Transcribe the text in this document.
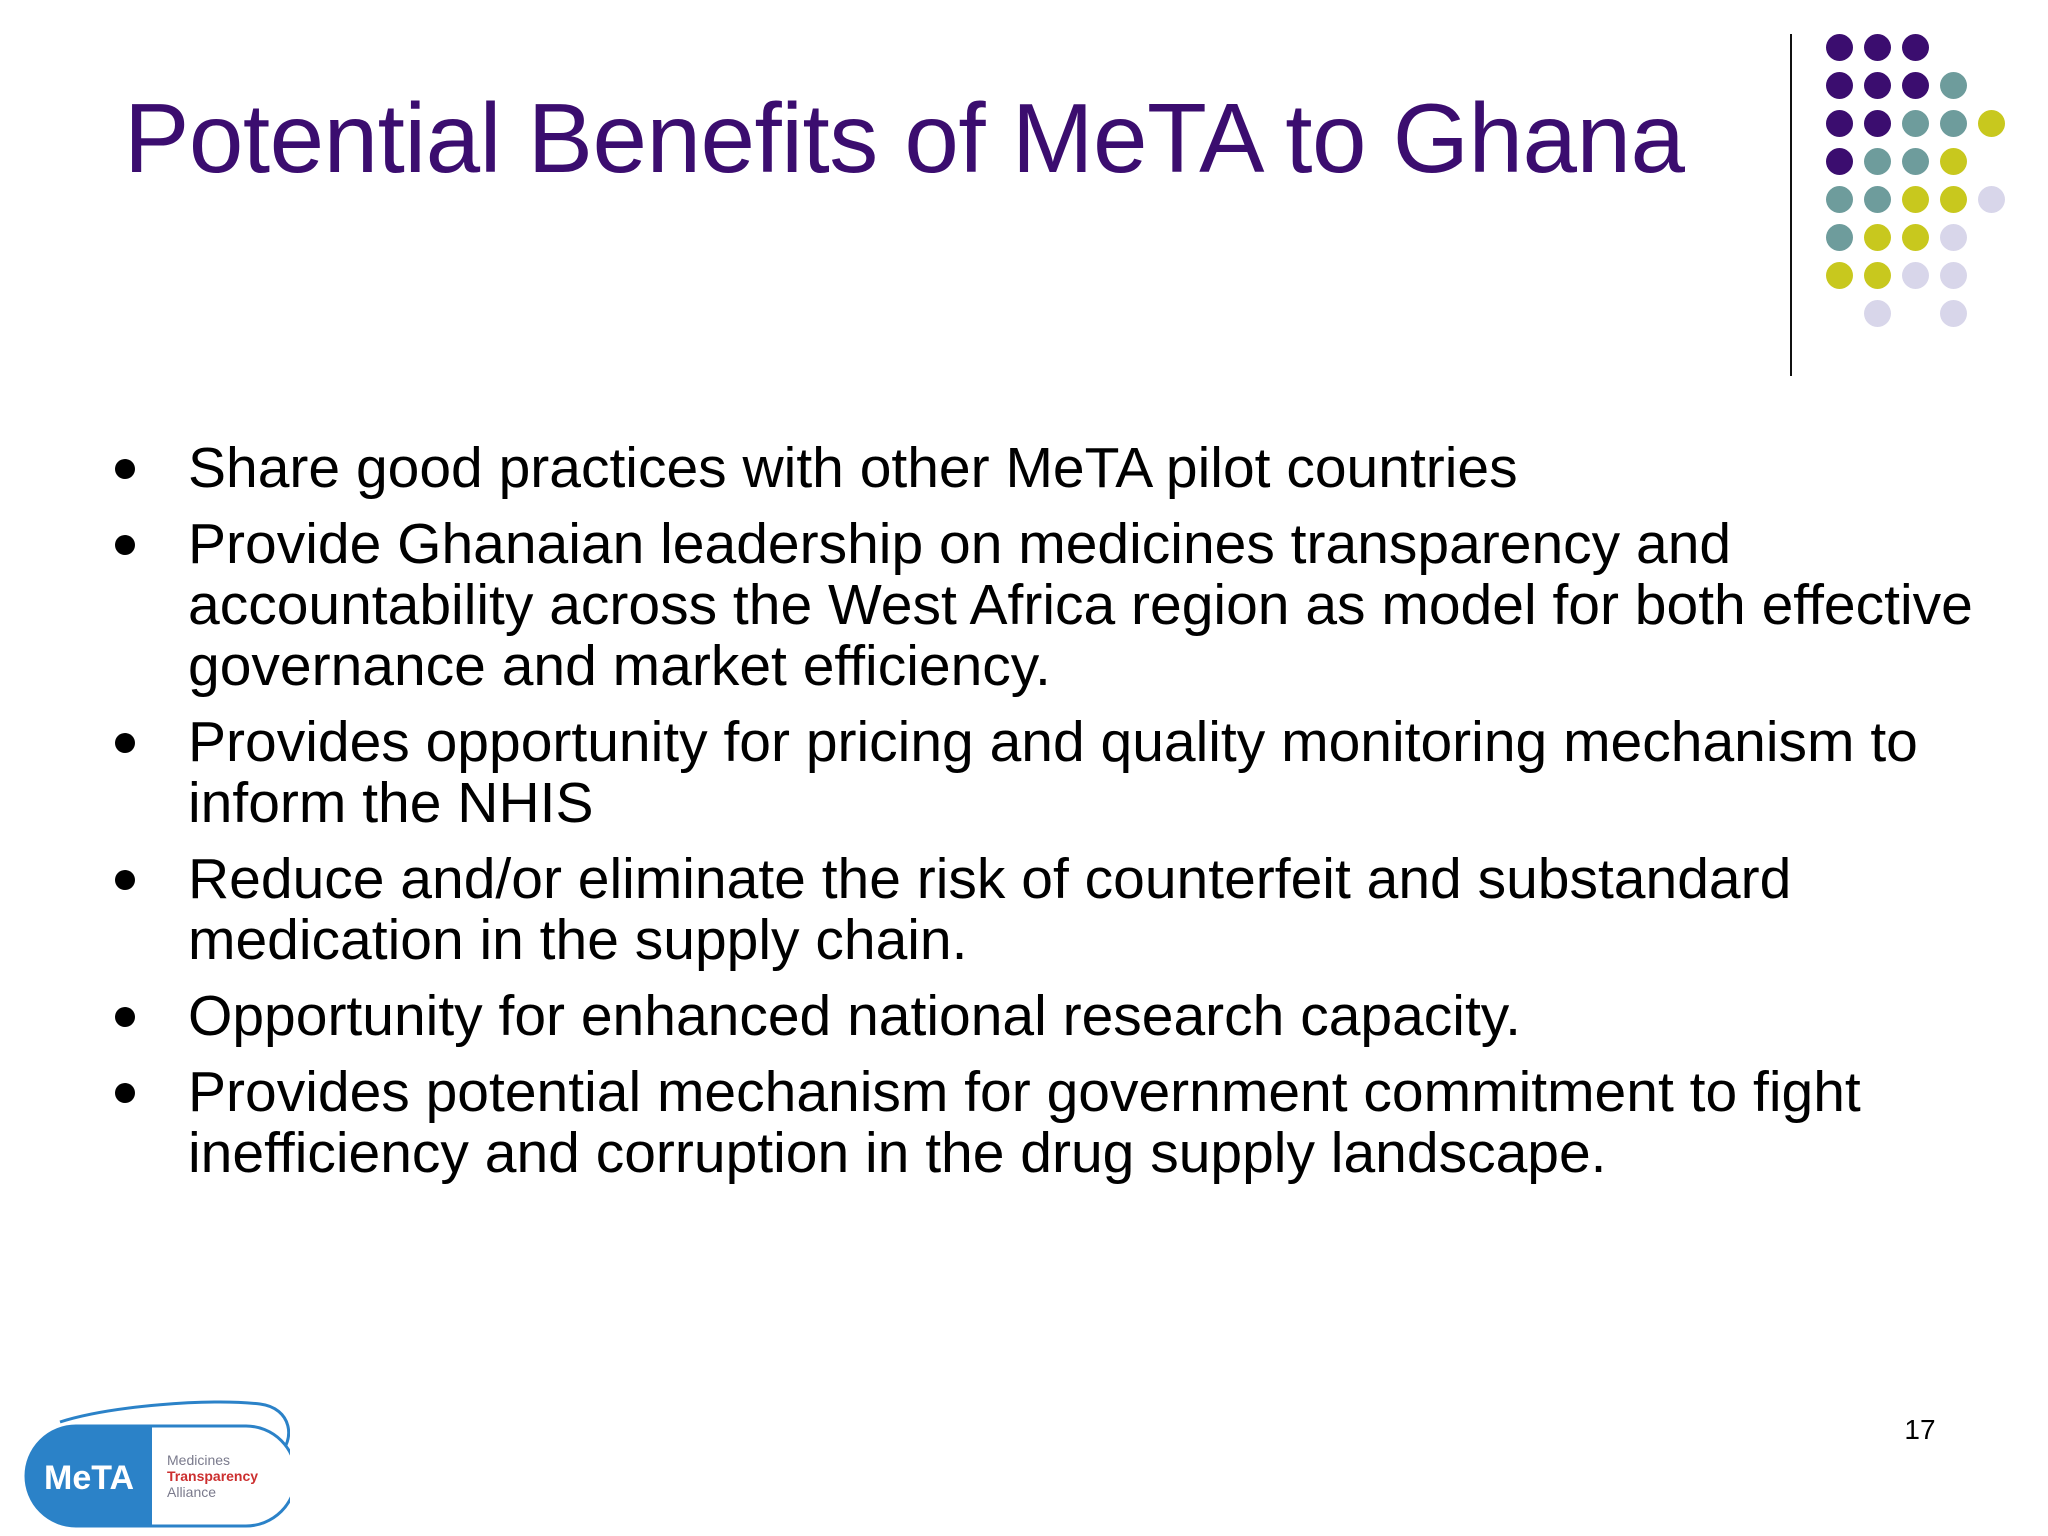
Potential Benefits of MeTA to Ghana
Share good practices with other MeTA pilot countries
Provide Ghanaian leadership on medicines transparency and accountability across the West Africa region as model for both effective governance and market efficiency.
Provides opportunity for pricing and quality monitoring mechanism to inform the NHIS
Reduce and/or eliminate the risk of counterfeit and substandard medication in the supply chain.
Opportunity for enhanced national research capacity.
Provides potential mechanism for government commitment to fight inefficiency and corruption in the drug supply landscape.
17
MeTA Medicines
Transparency
Alliance
